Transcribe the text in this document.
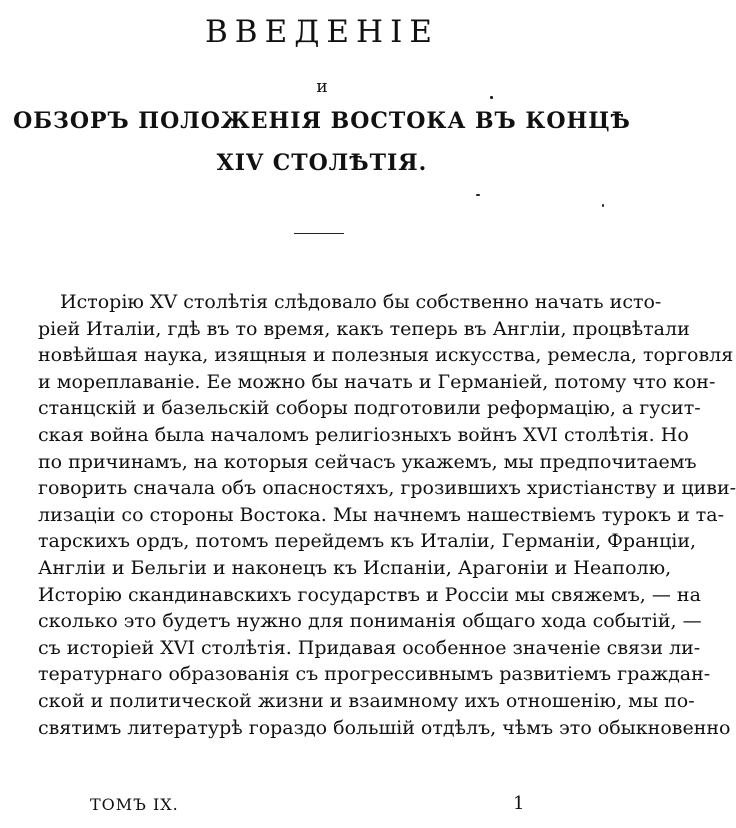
ВВЕДЕНІЕ
и
ОБЗОРЪ ПОЛОЖЕНІЯ ВОСТОКА ВЪ КОНЦѢ
XIV СТОЛѢТІЯ.
Исторію XV столѣтія слѣдовало бы собственно начать исто-
ріей Италіи, гдѣ въ то время, какъ теперь въ Англіи, процвѣтали
новѣйшая наука, изящныя и полезныя искусства, ремесла, торговля
и мореплаваніе. Ее можно бы начать и Германіей, потому что кон-
станцскій и базельскій соборы подготовили реформацію, а гусит-
ская война была началомъ религіозныхъ войнъ XVI столѣтія. Но
по причинамъ, на которыя сейчасъ укажемъ, мы предпочитаемъ
говорить сначала объ опасностяхъ, грозившихъ христіанству и циви-
лизаціи со стороны Востока. Мы начнемъ нашествіемъ турокъ и та-
тарскихъ ордъ, потомъ перейдемъ къ Италіи, Германіи, Франціи,
Англіи и Бельгіи и наконецъ къ Испаніи, Арагоніи и Неаполю,
Исторію скандинавскихъ государствъ и Россіи мы свяжемъ, — на
сколько это будетъ нужно для пониманія общаго хода событій, —
съ исторіей XVI столѣтія. Придавая особенное значеніе связи ли-
тературнаго образованія съ прогрессивнымъ развитіемъ граждан-
ской и политической жизни и взаимному ихъ отношенію, мы по-
святимъ литературѣ гораздо большій отдѣлъ, чѣмъ это обыкновенно
ТОМЪ IX.	1
